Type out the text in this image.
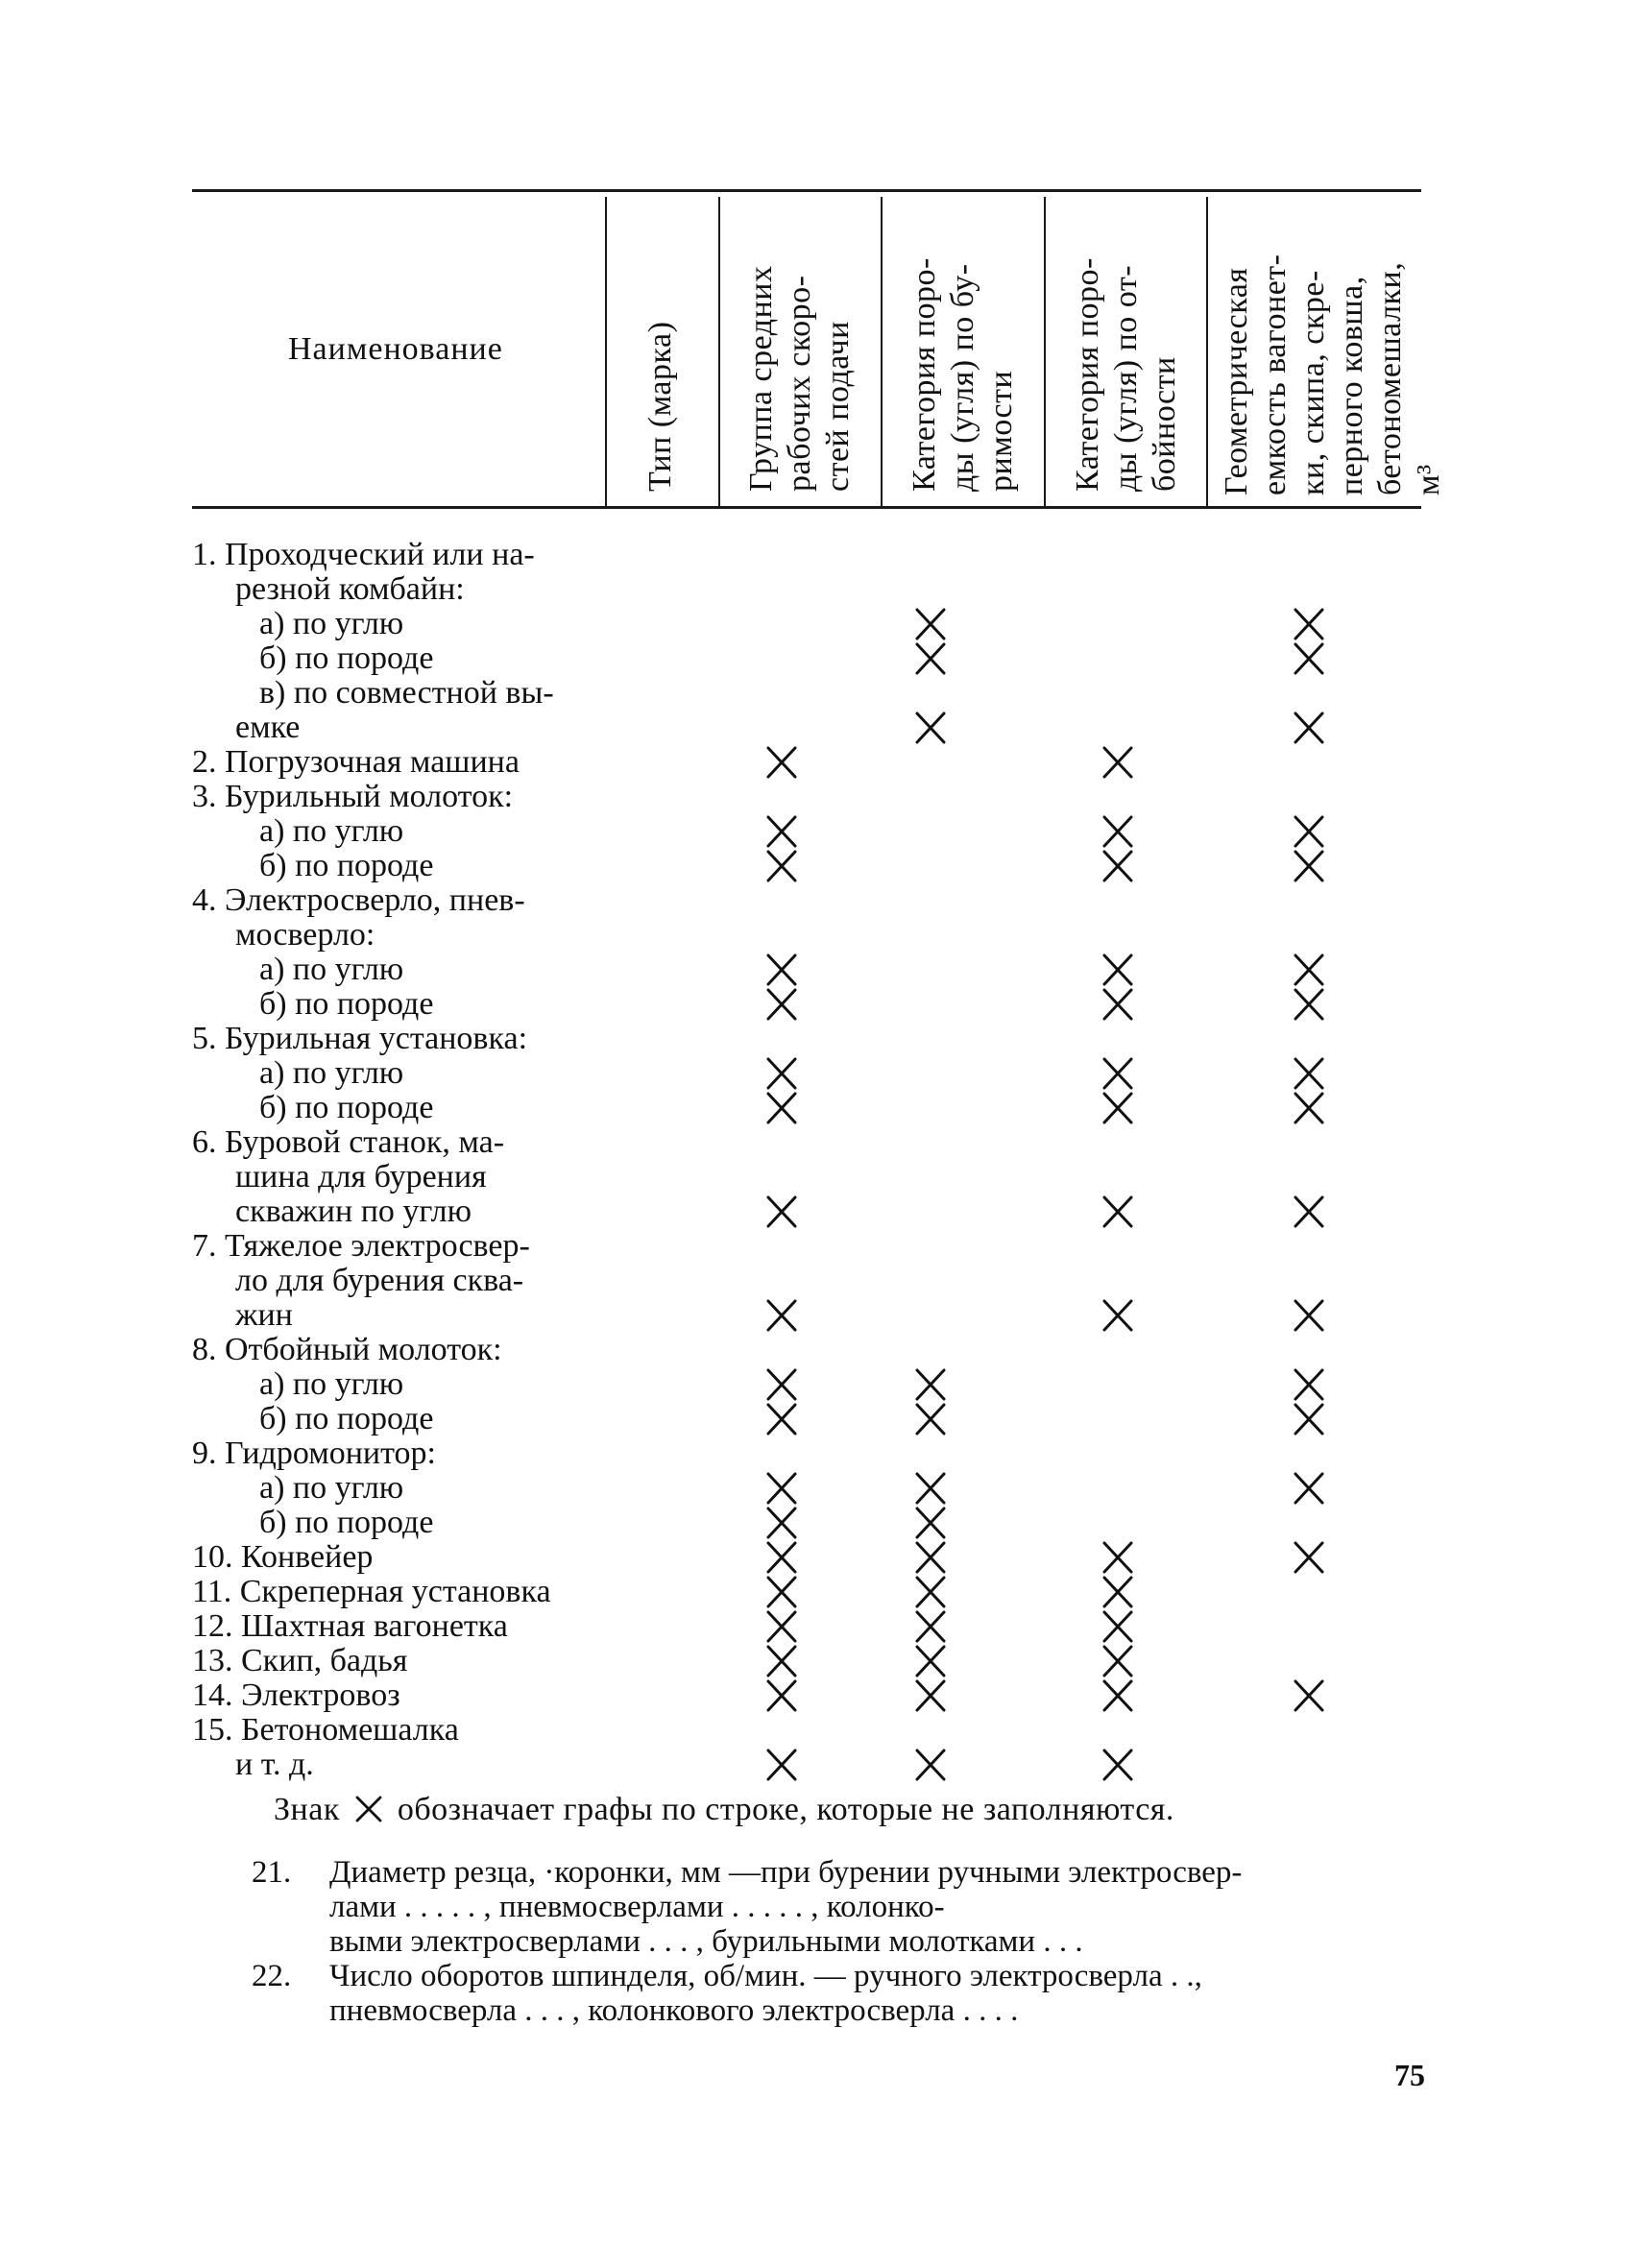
Наименование	Тип (марка) Группа средних рабочих скоро- стей подачи Категория поро- ды (угля) по бу- римости Категория поро- ды (угля) по от- бойности Геометрическая емкость вагонет- ки, скипа, скре- перного ковша, бетономешалки, м³
1. Проходческий или на-
резной комбайн:
а) по углю
б) по породе
в) по совместной вы-
емке
2. Погрузочная машина
3. Бурильный молоток:
а) по углю
б) по породе
4. Электросверло, пнев-
мосверло:
а) по углю
б) по породе
5. Бурильная установка:
а) по углю
б) по породе
6. Буровой станок, ма-
шина для бурения
скважин по углю
7. Тяжелое электросвер-
ло для бурения сква-
жин
8. Отбойный молоток:
а) по углю
б) по породе
9. Гидромонитор:
а) по углю
б) по породе
10. Конвейер
11. Скреперная установка
12. Шахтная вагонетка
13. Скип, бадья
14. Электровоз
15. Бетономешалка
и т. д.
Знак обозначает графы по строке, которые не заполняются.
21. Диаметр резца, ·коронки, мм —при бурении ручными электросвер-
лами . . . . . , пневмосверлами . . . . . , колонко-
выми электросверлами . . . , бурильными молотками . . .
22. Число оборотов шпинделя, об/мин. — ручного электросверла . .,
пневмосверла . . . , колонкового электросверла . . . .
75
